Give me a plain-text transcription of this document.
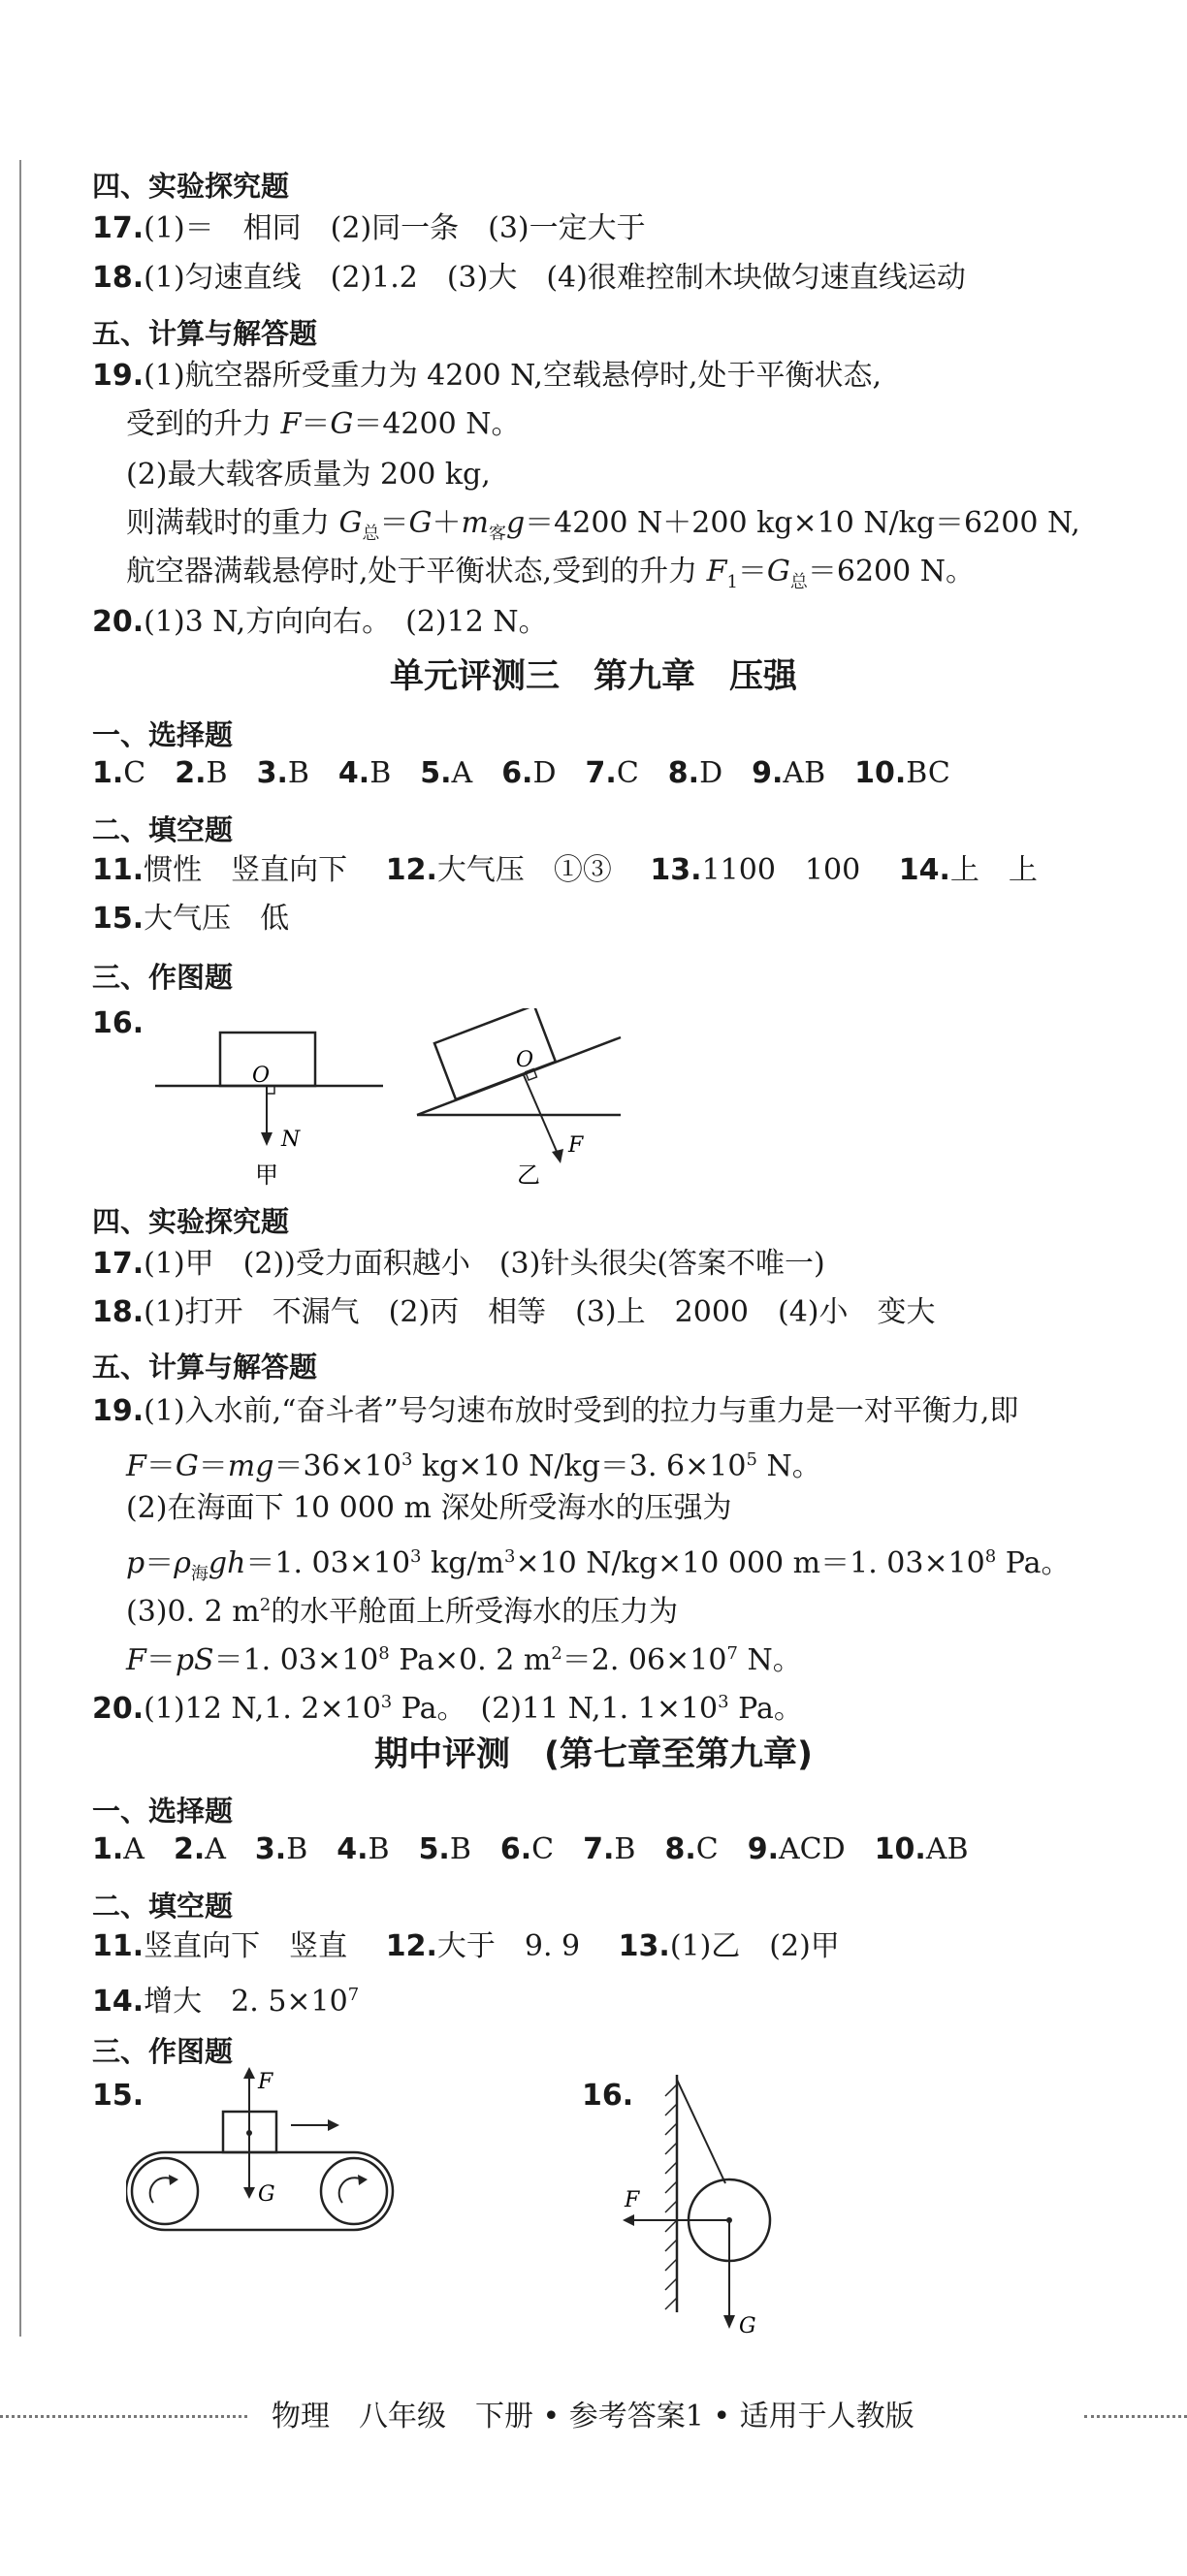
四、实验探究题
17.(1)＝　相同　(2)同一条　(3)一定大于
18.(1)匀速直线　(2)1.2　(3)大　(4)很难控制木块做匀速直线运动
五、计算与解答题
19.(1)航空器所受重力为 4200 N,空载悬停时,处于平衡状态,
受到的升力 F＝G＝4200 N。
(2)最大载客质量为 200 kg,
则满载时的重力 $G_总=G+m_客g=4200$ N＋200 kg×10 N/kg＝6200 N,
航空器满载悬停时,处于平衡状态,受到的升力 $F_1=G_总=6200$ N。
20.(1)3 N,方向向右。　(2)12 N。
单元评测三　第九章　压强
一、选择题
1.C　 2.B　 3.B　 4.B　 5.A　 6.D　 7.C　 8.D　 9.AB　 10.BC
二、填空题
11.惯性　竖直向下　 12.大气压　①③　 13.1100　100　 14.上　上
15.大气压　低
三、作图题
16.
O
N
甲
O
F
乙
四、实验探究题
17.(1)甲　(2))受力面积越小　(3)针头很尖(答案不唯一)
18.(1)打开　不漏气　(2)丙　相等　(3)上　2000　(4)小　变大
五、计算与解答题
19.(1)入水前,“奋斗者”号匀速布放时受到的拉力与重力是一对平衡力,即
$F=G=mg=36\times 10^3$ kg×10 N/kg＝3. $6\times 10^5$ N。
(2)在海面下 10 000 m 深处所受海水的压强为
$p=\rho_海gh=1$. $03\times 10^3$ $kg/m^3\times 10$ N/kg×10 000 m＝1. $03\times 10^8$ Pa。
(3)0. 2 $m^2$的水平舱面上所受海水的压力为
F＝pS＝1. $03\times 10^8$ Pa×0. 2 $m^2=2$. $06\times 10^7$ N。
20.(1)12 N,1. $2\times 10^3$ Pa。　(2)11 N,1. $1\times 10^3$ Pa。
期中评测　(第七章至第九章)
一、选择题
1.A　 2.A　 3.B　 4.B　 5.B　 6.C　 7.B　 8.C　 9.ACD　 10.AB
二、填空题
11.竖直向下　竖直　 12.大于　9. 9　 13.(1)乙　(2)甲
14.增大　2. $5\times 10^7$
三、作图题
15.	16.
F
G	F
G
物理　八年级　下册 • 参考答案1 • 适用于人教版
